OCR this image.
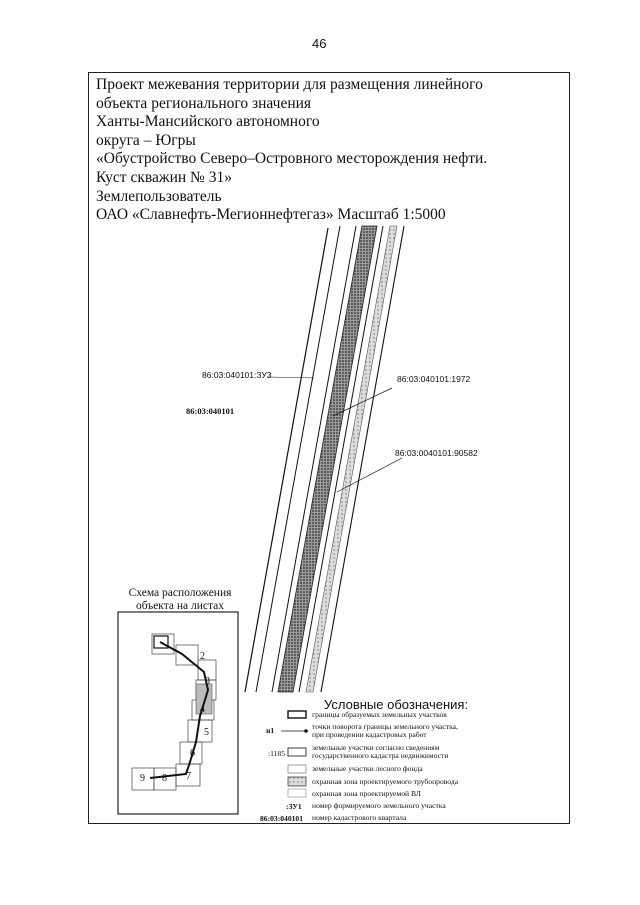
46
Проект межевания территории для размещения линейного
объекта регионального значения
Ханты-Мансийского автономного
округа – Югры
«Обустройство Северо–Островного месторождения нефти.
Куст скважин № 31»
Землепользователь
ОАО «Славнефть-Мегионнефтегаз» Масштаб 1:5000
86:03:040101:ЗУ3
86:03:040101
86:03:040101:1972
86:03:0040101:90582
Схема расположения
объекта на листах
2
3
4
5
6
7
8
9
Условные обозначения:
границы образуемых земельных участков
н1	точки поворота границы земельного участка,
при проведении кадастровых работ
:1185
земельные участки согласно сведениям
государственного кадастра недвижимости
земельные участки лесного фонда
охранная зона проектируемого трубопровода
охранная зона проектируемой ВЛ
:ЗУ1 номер формируемого земельного участка
86:03:040101 номер кадастрового квартала
